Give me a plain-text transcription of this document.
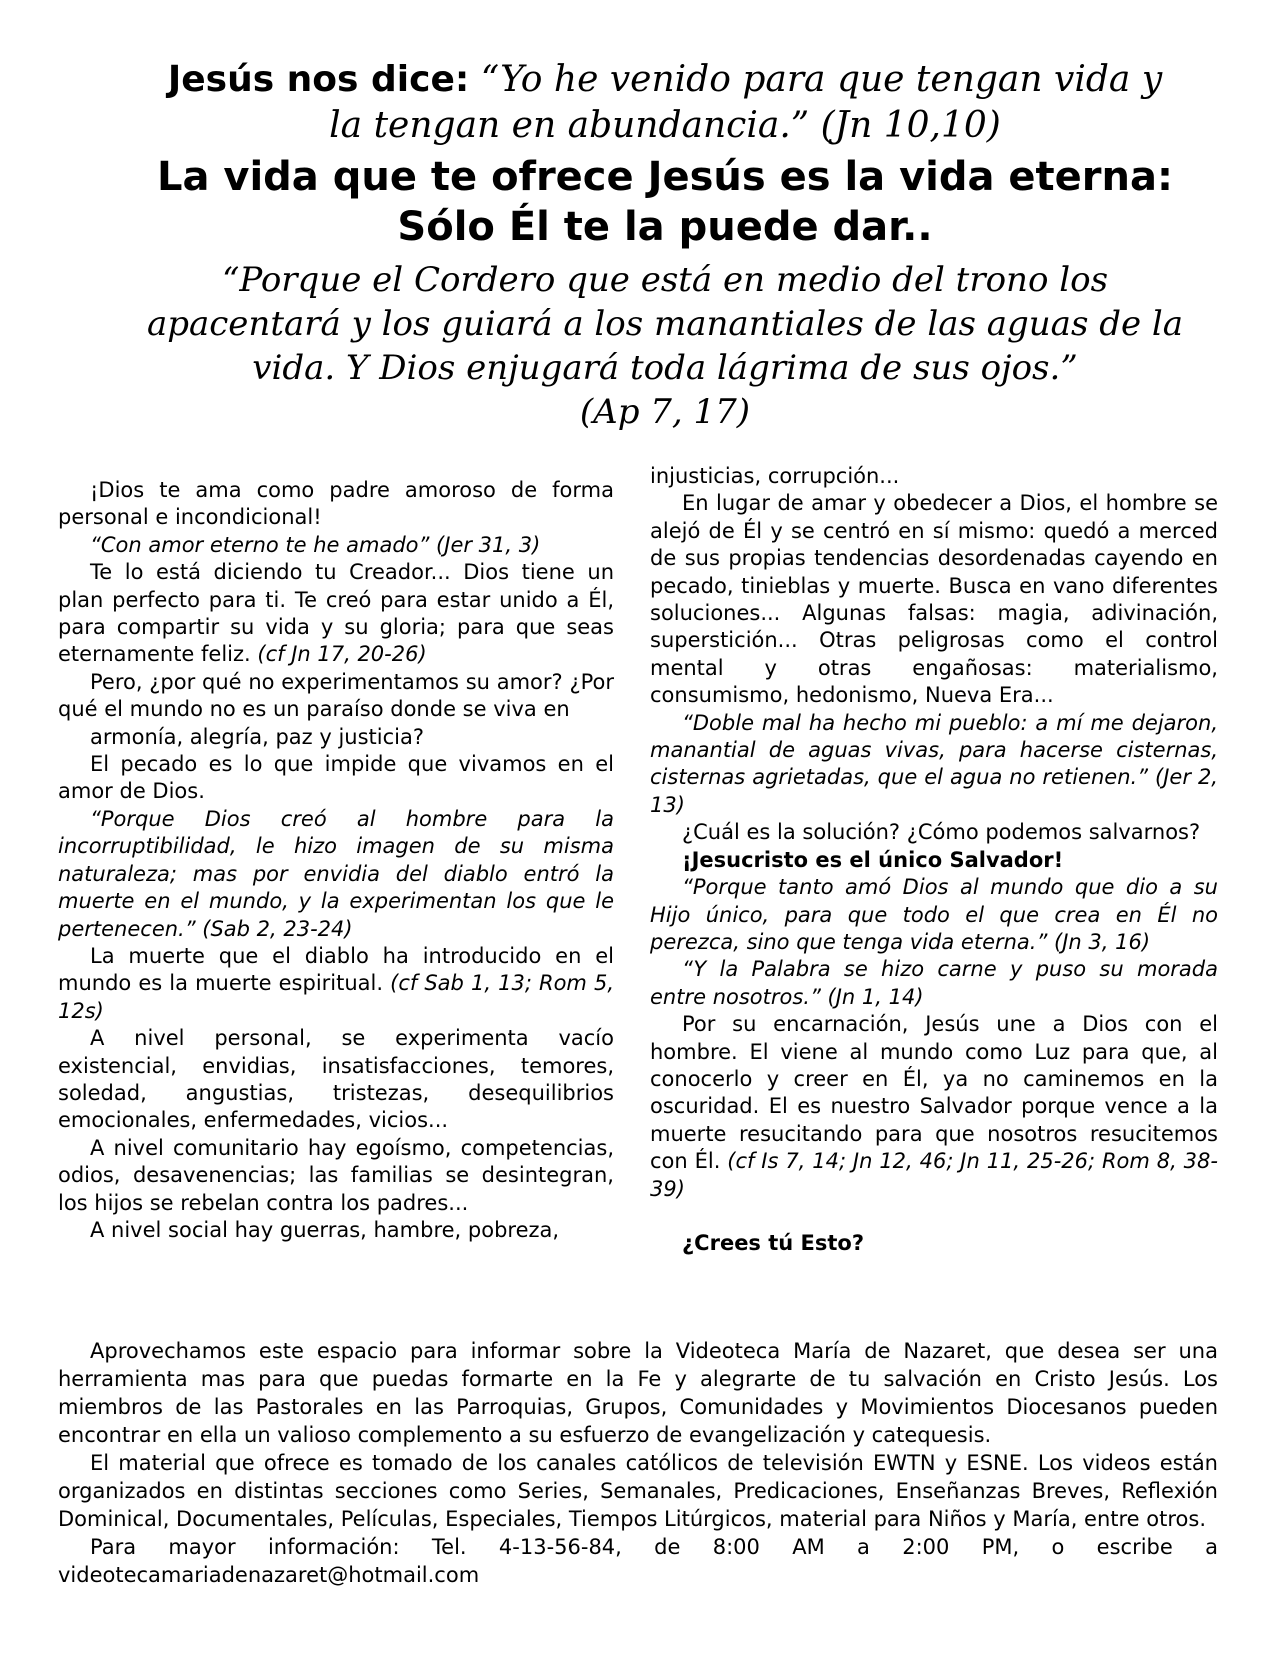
Jesús nos dice: “Yo he venido para que tengan vida y
la tengan en abundancia.” (Jn 10,10)
La vida que te ofrece Jesús es la vida eterna: Sólo Él te la puede dar..
“Porque el Cordero que está en medio del trono los apacentará y los guiará a los manantiales de las aguas de la vida. Y Dios enjugará toda lágrima de sus ojos.”
(Ap 7, 17)

¡Dios te ama como padre amoroso de forma personal e incondicional!

“Con amor eterno te he amado” (Jer 31, 3)

Te lo está diciendo tu Creador... Dios tiene un plan perfecto para ti. Te creó para estar unido a Él, para compartir su vida y su gloria; para que seas eternamente feliz. (cf Jn 17, 20-26)

Pero, ¿por qué no experimentamos su amor? ¿Por qué el mundo no es un paraíso donde se viva en

armonía, alegría, paz y justicia?

El pecado es lo que impide que vivamos en el amor de Dios.

“Porque Dios creó al hombre para la incorruptibilidad, le hizo imagen de su misma naturaleza; mas por envidia del diablo entró la muerte en el mundo, y la experimentan los que le pertenecen.” (Sab 2, 23-24)

La muerte que el diablo ha introducido en el mundo es la muerte espiritual. (cf Sab 1, 13; Rom 5, 12s)

A nivel personal, se experimenta vacío existencial, envidias, insatisfacciones, temores, soledad, angustias, tristezas, desequilibrios emocionales, enfermedades, vicios...

A nivel comunitario hay egoísmo, competencias, odios, desavenencias; las familias se desintegran, los hijos se rebelan contra los padres...

A nivel social hay guerras, hambre, pobreza,

injusticias, corrupción...

En lugar de amar y obedecer a Dios, el hombre se alejó de Él y se centró en sí mismo: quedó a merced de sus propias tendencias desordenadas cayendo en pecado, tinieblas y muerte. Busca en vano diferentes soluciones... Algunas falsas: magia, adivinación, superstición... Otras peligrosas como el control mental y otras engañosas: materialismo, consumismo, hedonismo, Nueva Era...

“Doble mal ha hecho mi pueblo: a mí me dejaron, manantial de aguas vivas, para hacerse cisternas, cisternas agrietadas, que el agua no retienen.” (Jer 2, 13)

¿Cuál es la solución? ¿Cómo podemos salvarnos?

¡Jesucristo es el único Salvador!

“Porque tanto amó Dios al mundo que dio a su Hijo único, para que todo el que crea en Él no perezca, sino que tenga vida eterna.” (Jn 3, 16)

“Y la Palabra se hizo carne y puso su morada entre nosotros.” (Jn 1, 14)

Por su encarnación, Jesús une a Dios con el hombre. El viene al mundo como Luz para que, al conocerlo y creer en Él, ya no caminemos en la oscuridad. El es nuestro Salvador porque vence a la muerte resucitando para que nosotros resucitemos con Él. (cf Is 7, 14; Jn 12, 46; Jn 11, 25-26; Rom 8, 38-39)

¿Crees tú Esto?

Aprovechamos este espacio para informar sobre la Videoteca María de Nazaret, que desea ser una herramienta mas para que puedas formarte en la Fe y alegrarte de tu salvación en Cristo Jesús. Los miembros de las Pastorales en las Parroquias, Grupos, Comunidades y Movimientos Diocesanos pueden encontrar en ella un valioso complemento a su esfuerzo de evangelización y catequesis.

El material que ofrece es tomado de los canales católicos de televisión EWTN y ESNE. Los videos están organizados en distintas secciones como Series, Semanales, Predicaciones, Enseñanzas Breves, Reflexión Dominical, Documentales, Películas, Especiales, Tiempos Litúrgicos, material para Niños y María, entre otros.

Para mayor información: Tel. 4-13-56-84, de 8:00 AM a 2:00 PM, o escribe a videotecamariadenazaret@hotmail.com
